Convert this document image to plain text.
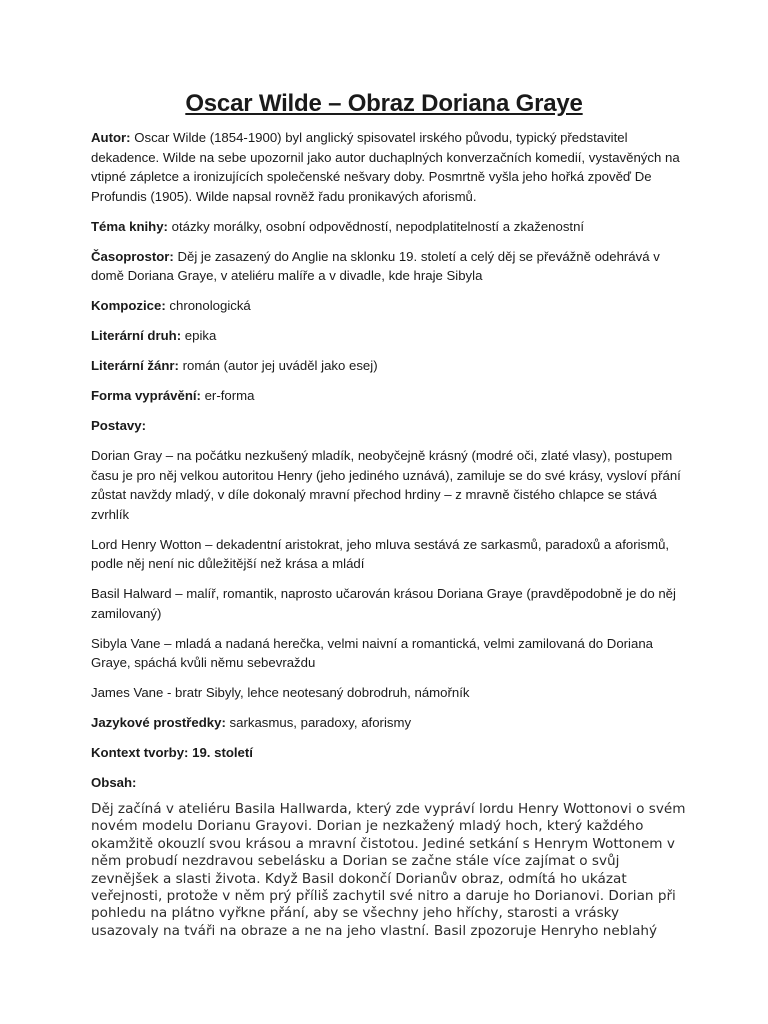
Oscar Wilde – Obraz Doriana Graye

Autor: Oscar Wilde (1854-1900) byl anglický spisovatel irského původu, typický představitel dekadence. Wilde na sebe upozornil jako autor duchaplných konverzačních komedií, vystavěných na vtipné zápletce a ironizujících společenské nešvary doby. Posmrtně vyšla jeho hořká zpověď De Profundis (1905). Wilde napsal rovněž řadu pronikavých aforismů.

Téma knihy: otázky morálky, osobní odpovědností, nepodplatitelností a zkaženostní

Časoprostor: Děj je zasazený do Anglie na sklonku 19. století a celý děj se převážně odehrává v domě Doriana Graye, v ateliéru malíře a v divadle, kde hraje Sibyla

Kompozice: chronologická

Literární druh: epika

Literární žánr: román (autor jej uváděl jako esej)

Forma vyprávění: er-forma

Postavy:

Dorian Gray – na počátku nezkušený mladík, neobyčejně krásný (modré oči, zlaté vlasy), postupem času je pro něj velkou autoritou Henry (jeho jediného uznává), zamiluje se do své krásy, vysloví přání zůstat navždy mladý, v díle dokonalý mravní přechod hrdiny – z mravně čistého chlapce se stává zvrhlík

Lord Henry Wotton – dekadentní aristokrat, jeho mluva sestává ze sarkasmů, paradoxů a aforismů, podle něj není nic důležitější než krása a mládí

Basil Halward – malíř, romantik, naprosto učarován krásou Doriana Graye (pravděpodobně je do něj zamilovaný)

Sibyla Vane – mladá a nadaná herečka, velmi naivní a romantická, velmi zamilovaná do Doriana Graye, spáchá kvůli němu sebevraždu

James Vane - bratr Sibyly, lehce neotesaný dobrodruh, námořník

Jazykové prostředky: sarkasmus, paradoxy, aforismy

Kontext tvorby: 19. století

Obsah:

Děj začíná v ateliéru Basila Hallwarda, který zde vypráví lordu Henry Wottonovi o svém novém modelu Dorianu Grayovi. Dorian je nezkažený mladý hoch, který každého okamžitě okouzlí svou krásou a mravní čistotou. Jediné setkání s Henrym Wottonem v něm probudí nezdravou sebelásku a Dorian se začne stále více zajímat o svůj zevnějšek a slasti života. Když Basil dokončí Dorianův obraz, odmítá ho ukázat veřejnosti, protože v něm prý příliš zachytil své nitro a daruje ho Dorianovi. Dorian při pohledu na plátno vyřkne přání, aby se všechny jeho hříchy, starosti a vrásky usazovaly na tváři na obraze a ne na jeho vlastní. Basil zpozoruje Henryho neblahý
